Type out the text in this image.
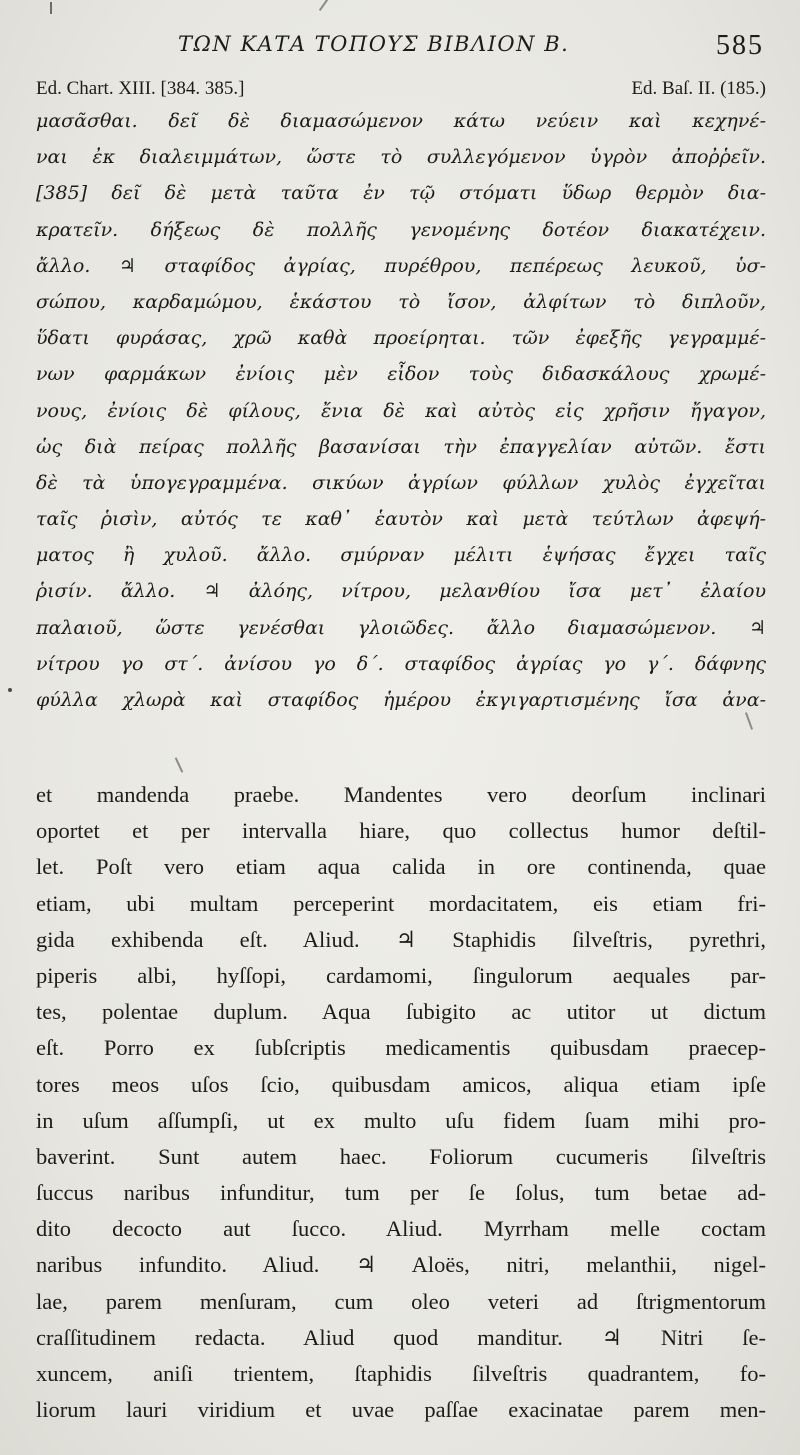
ΤΩΝ ΚΑΤΑ ΤΟΠΟΥΣ ΒΙΒΛΙΟΝ Β.	585
Ed. Chart. XIII. [384. 385.]	Ed. Baſ. II. (185.)
μασᾶσθαι. δεῖ δὲ διαμασώμενον κάτω νεύειν καὶ κεχηνέ-
ναι ἐκ διαλειμμάτων, ὥστε τὸ συλλεγόμενον ὑγρὸν ἀποῤῥεῖν.
[385] δεῖ δὲ μετὰ ταῦτα ἐν τῷ στόματι ὕδωρ θερμὸν δια-
κρατεῖν. δήξεως δὲ πολλῆς γενομένης δοτέον διακατέχειν.
ἄλλο. ♃ σταφίδος ἀγρίας, πυρέθρου, πεπέρεως λευκοῦ, ὑσ-
σώπου, καρδαμώμου, ἑκάστου τὸ ἴσον, ἀλφίτων τὸ διπλοῦν,
ὕδατι φυράσας, χρῶ καθὰ προείρηται. τῶν ἐφεξῆς γεγραμμέ-
νων φαρμάκων ἐνίοις μὲν εἶδον τοὺς διδασκάλους χρωμέ-
νους, ἐνίοις δὲ φίλους, ἔνια δὲ καὶ αὐτὸς εἰς χρῆσιν ἤγαγον,
ὡς διὰ πείρας πολλῆς βασανίσαι τὴν ἐπαγγελίαν αὐτῶν. ἔστι
δὲ τὰ ὑπογεγραμμένα. σικύων ἀγρίων φύλλων χυλὸς ἐγχεῖται
ταῖς ῥισὶν, αὐτός τε καθ᾿ ἑαυτὸν καὶ μετὰ τεύτλων ἀφεψή-
ματος ἢ χυλοῦ. ἄλλο. σμύρναν μέλιτι ἑψήσας ἔγχει ταῖς
ῥισίν. ἄλλο. ♃ ἀλόης, νίτρου, μελανθίου ἴσα μετ᾿ ἐλαίου
παλαιοῦ, ὥστε γενέσθαι γλοιῶδες. ἄλλο διαμασώμενον. ♃
νίτρου γο στ΄. ἀνίσου γο δ΄. σταφίδος ἀγρίας γο γ΄. δάφνης
φύλλα χλωρὰ καὶ σταφίδος ἡμέρου ἐκγιγαρτισμένης ἴσα ἀνα-
et mandenda praebe. Mandentes vero deorſum inclinari
oportet et per intervalla hiare, quo collectus humor deſtil-
let. Poſt vero etiam aqua calida in ore continenda, quae
etiam, ubi multam perceperint mordacitatem, eis etiam fri-
gida exhibenda eſt. Aliud. ♃ Staphidis ſilveſtris, pyrethri,
piperis albi, hyſſopi, cardamomi, ſingulorum aequales par-
tes, polentae duplum. Aqua ſubigito ac utitor ut dictum
eſt. Porro ex ſubſcriptis medicamentis quibusdam praecep-
tores meos uſos ſcio, quibusdam amicos, aliqua etiam ipſe
in uſum aſſumpſi, ut ex multo uſu fidem ſuam mihi pro-
baverint. Sunt autem haec. Foliorum cucumeris ſilveſtris
ſuccus naribus infunditur, tum per ſe ſolus, tum betae ad-
dito decocto aut ſucco. Aliud. Myrrham melle coctam
naribus infundito. Aliud. ♃ Aloës, nitri, melanthii, nigel-
lae, parem menſuram, cum oleo veteri ad ſtrigmentorum
craſſitudinem redacta. Aliud quod manditur. ♃ Nitri ſe-
xuncem, aniſi trientem, ſtaphidis ſilveſtris quadrantem, fo-
liorum lauri viridium et uvae paſſae exacinatae parem men-
